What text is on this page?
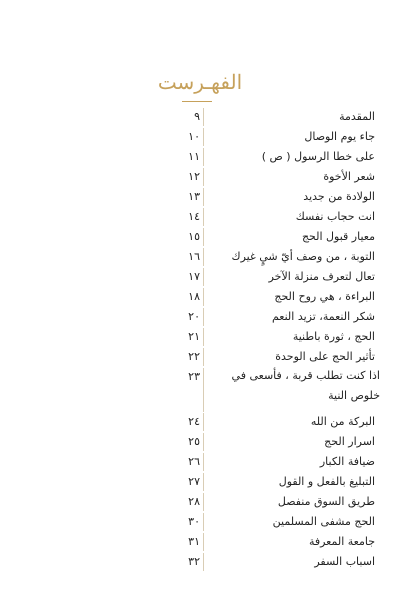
الفهـرست
٩	المقدمة
١٠	جاء يوم الوصال
١١	على خطا الرسول ( ص )
١٢	شعر الأخوة
١٣	الولادة من جديد
١٤	انت حجاب نفسك
١٥	معيار قبول الحج
١٦	التوبة ، من وصف أيّ شيٍ غيرك
١٧	تعال لتعرف منزلة الآخر
١٨	البراءة ، هي روح الحج
٢٠	شكر النعمة، تزيد النعم
٢١	الحج ، ثورة باطنية
٢٢	تأثير الحج على الوحدة
٢٣	اذا كنت تطلب قربة ، فأسعى في خلوص النية
٢٤	البركة من الله
٢٥	اسرار الحج
٢٦	ضيافة الكبار
٢٧	التبليغ بالفعل و القول
٢٨	طريق السوق منفصل
٣٠	الحج مشفى المسلمين
٣١	جامعة المعرفة
٣٢	اسباب السفر
